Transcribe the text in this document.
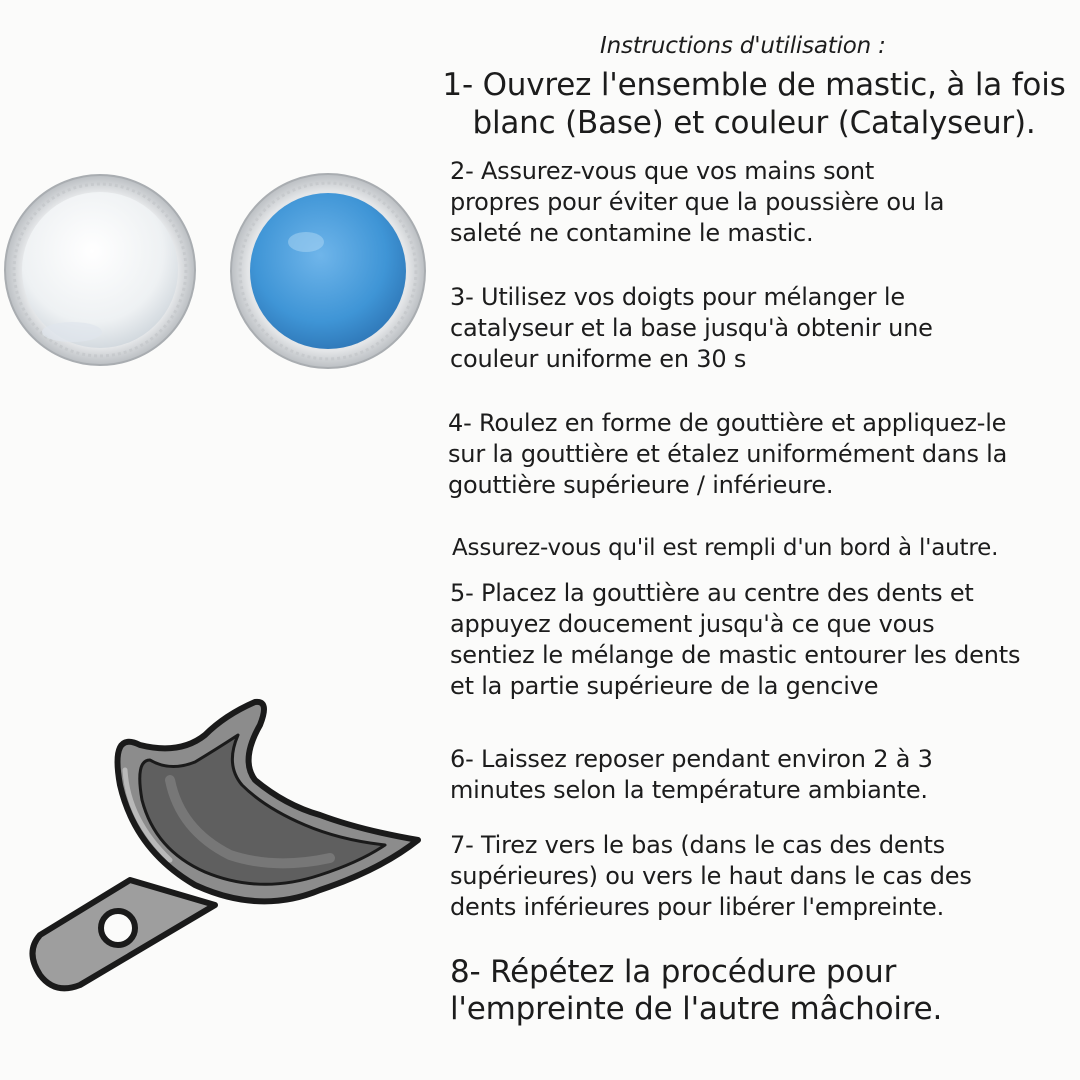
Instructions d'utilisation :

1- Ouvrez l'ensemble de mastic, à la fois
blanc (Base) et couleur (Catalyseur).

2- Assurez-vous que vos mains sont
propres pour éviter que la poussière ou la
saleté ne contamine le mastic.

3- Utilisez vos doigts pour mélanger le
catalyseur et la base jusqu'à obtenir une
couleur uniforme en 30 s

4- Roulez en forme de gouttière et appliquez-le
sur la gouttière et étalez uniformément dans la
gouttière supérieure / inférieure.

Assurez-vous qu'il est rempli d'un bord à l'autre.

5- Placez la gouttière au centre des dents et
appuyez doucement jusqu'à ce que vous
sentiez le mélange de mastic entourer les dents
et la partie supérieure de la gencive

6- Laissez reposer pendant environ 2 à 3
minutes selon la température ambiante.

7- Tirez vers le bas (dans le cas des dents
supérieures) ou vers le haut dans le cas des
dents inférieures pour libérer l'empreinte.

8- Répétez la procédure pour
l'empreinte de l'autre mâchoire.
